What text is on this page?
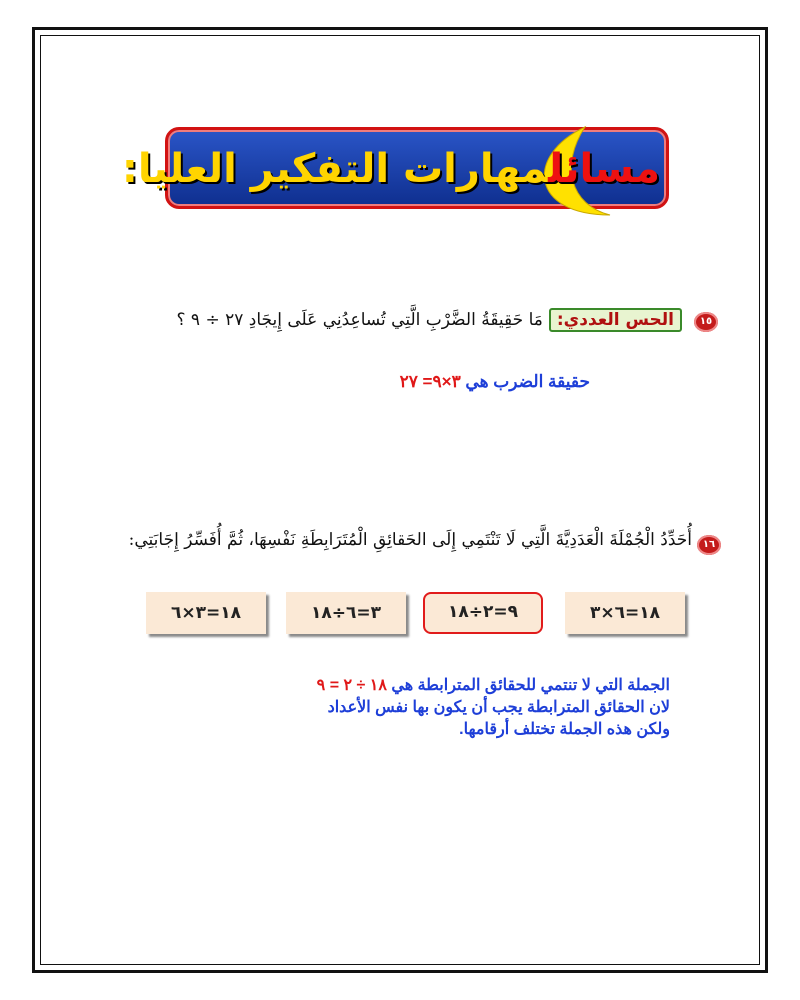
مسائلمهارات التفكير العليا:
١٥
الحس العددي:مَا حَقِيقَةُ الضَّرْبِ الَّتِي تُساعِدُنِي عَلَى إِيجَادِ ٢٧ ÷ ٩ ؟
حقيقة الضرب هي ٣×٩= ٢٧
١٦
أُحَدِّدُ الْجُمْلَةَ الْعَدَدِيَّةَ الَّتِي لَا تَنْتَمِي إِلَى الحَقائِقِ الْمُتَرَابِطَةِ نَفْسِهَا، ثُمَّ أُفَسِّرُ إِجَابَتِي:
١٨=٦×٣
٩=٢÷١٨
٣=٦÷١٨
١٨=٣×٦
الجملة التي لا تنتمي للحقائق المترابطة هي ١٨ ÷ ٢ = ٩
لان الحقائق المترابطة يجب أن يكون بها نفس الأعداد
ولكن هذه الجملة تختلف أرقامها.
